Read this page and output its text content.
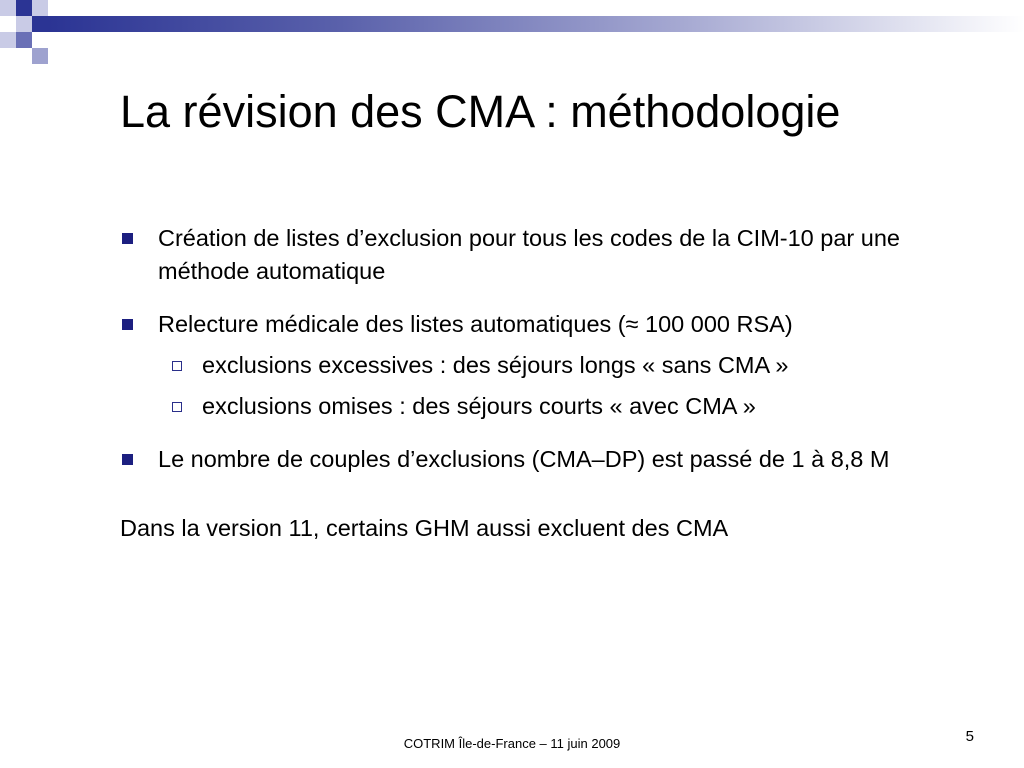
La révision des CMA : méthodologie
Création de listes d’exclusion pour tous les codes de la CIM-10 par une méthode automatique
Relecture médicale des listes automatiques (≈ 100 000 RSA)
exclusions excessives : des séjours longs « sans CMA »
exclusions omises : des séjours courts « avec CMA »
Le nombre de couples d’exclusions (CMA–DP) est passé de 1 à 8,8 M
Dans la version 11, certains GHM aussi excluent des CMA
COTRIM Île-de-France – 11 juin 2009	5
